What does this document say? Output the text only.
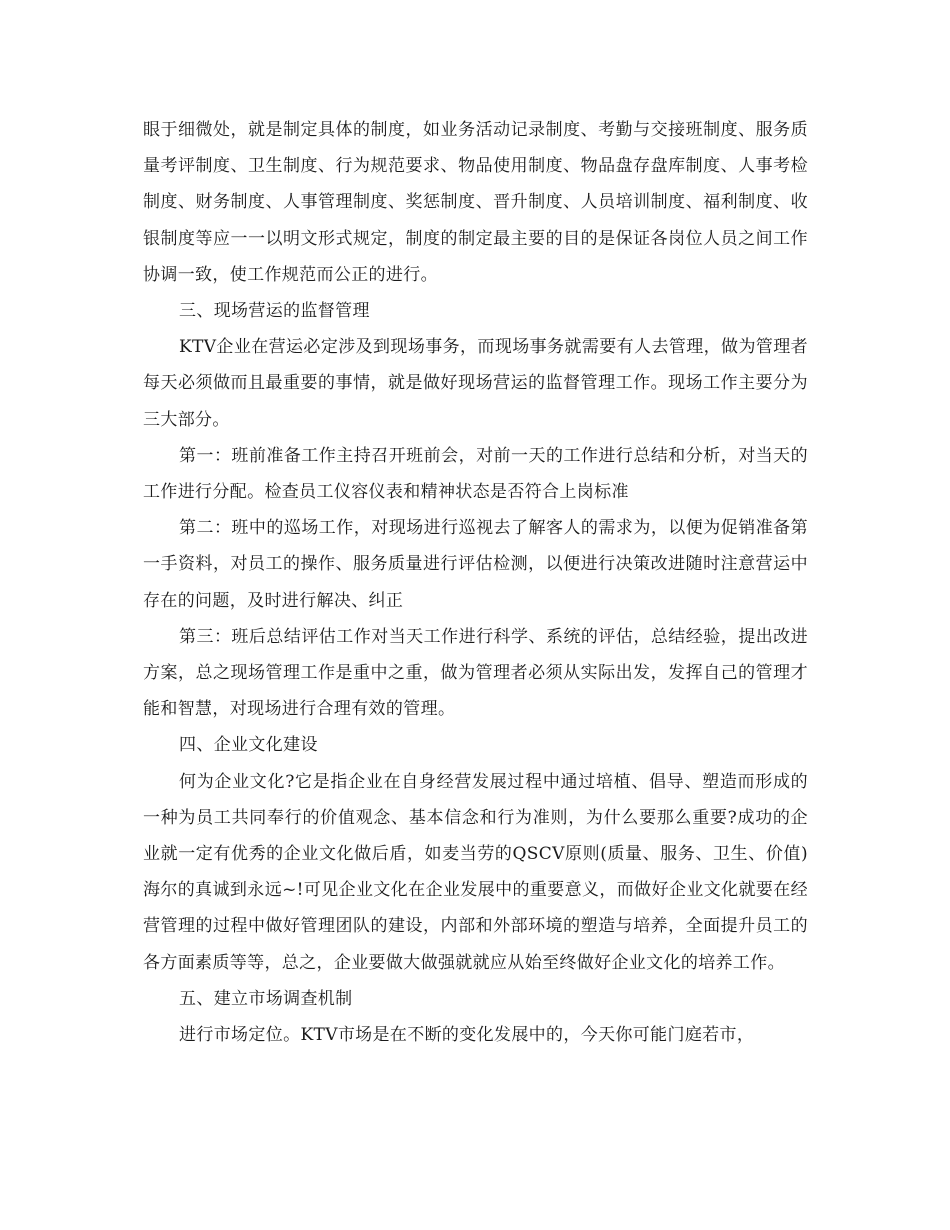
眼于细微处，就是制定具体的制度，如业务活动记录制度、考勤与交接班制度、服务质量考评制度、卫生制度、行为规范要求、物品使用制度、物品盘存盘库制度、人事考检制度、财务制度、人事管理制度、奖惩制度、晋升制度、人员培训制度、福利制度、收银制度等应一一以明文形式规定，制度的制定最主要的目的是保证各岗位人员之间工作协调一致，使工作规范而公正的进行。

三、现场营运的监督管理

KTV企业在营运必定涉及到现场事务，而现场事务就需要有人去管理，做为管理者每天必须做而且最重要的事情，就是做好现场营运的监督管理工作。现场工作主要分为三大部分。

第一：班前准备工作主持召开班前会，对前一天的工作进行总结和分析，对当天的工作进行分配。检查员工仪容仪表和精神状态是否符合上岗标准

第二：班中的巡场工作，对现场进行巡视去了解客人的需求为，以便为促销准备第一手资料，对员工的操作、服务质量进行评估检测，以便进行决策改进随时注意营运中存在的问题，及时进行解决、纠正

第三：班后总结评估工作对当天工作进行科学、系统的评估，总结经验，提出改进方案，总之现场管理工作是重中之重，做为管理者必须从实际出发，发挥自己的管理才能和智慧，对现场进行合理有效的管理。

四、企业文化建设

何为企业文化?它是指企业在自身经营发展过程中通过培植、倡导、塑造而形成的一种为员工共同奉行的价值观念、基本信念和行为准则，为什么要那么重要?成功的企业就一定有优秀的企业文化做后盾，如麦当劳的QSCV原则(质量、服务、卫生、价值)海尔的真诚到永远~!可见企业文化在企业发展中的重要意义，而做好企业文化就要在经营管理的过程中做好管理团队的建设，内部和外部环境的塑造与培养，全面提升员工的各方面素质等等，总之，企业要做大做强就就应从始至终做好企业文化的培养工作。

五、建立市场调查机制

进行市场定位。KTV市场是在不断的变化发展中的，今天你可能门庭若市，
